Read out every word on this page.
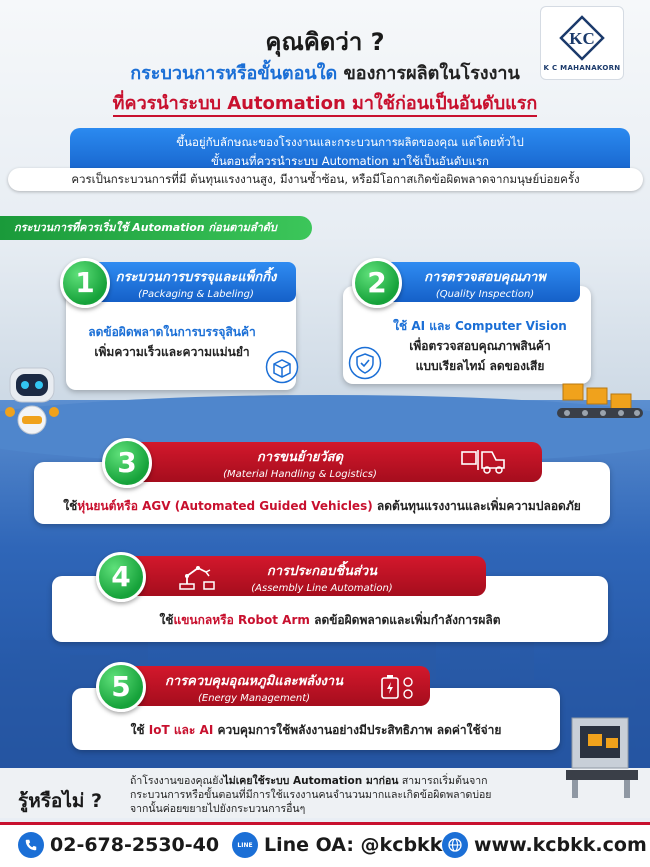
KC
K C MAHANAKORN
คุณคิดว่า ?
กระบวนการหรือขั้นตอนใด ของการผลิตในโรงงาน
ที่ควรนำระบบ Automation มาใช้ก่อนเป็นอันดับแรก
ขึ้นอยู่กับลักษณะของโรงงานและกระบวนการผลิตของคุณ แต่โดยทั่วไป
ขั้นตอนที่ควรนำระบบ Automation มาใช้เป็นอันดับแรก
ควรเป็นกระบวนการที่มี ต้นทุนแรงงานสูง, มีงานซ้ำซ้อน, หรือมีโอกาสเกิดข้อผิดพลาดจากมนุษย์บ่อยครั้ง
กระบวนการที่ควรเริ่มใช้ Automation ก่อนตามลำดับ
กระบวนการบรรจุและแพ็กกิ้ง
(Packaging & Labeling)
1
ลดข้อผิดพลาดในการบรรจุสินค้า
เพิ่มความเร็วและความแม่นยำ
การตรวจสอบคุณภาพ
(Quality Inspection)
2
ใช้ AI และ Computer Vision
เพื่อตรวจสอบคุณภาพสินค้า
แบบเรียลไทม์ ลดของเสีย
การขนย้ายวัสดุ
(Material Handling & Logistics)
3
ใช้หุ่นยนต์หรือ AGV (Automated Guided Vehicles) ลดต้นทุนแรงงานและเพิ่มความปลอดภัย
การประกอบชิ้นส่วน
(Assembly Line Automation)
4
ใช้แขนกลหรือ Robot Arm ลดข้อผิดพลาดและเพิ่มกำลังการผลิต
การควบคุมอุณหภูมิและพลังงาน
(Energy Management)
5
ใช้ IoT และ AI ควบคุมการใช้พลังงานอย่างมีประสิทธิภาพ ลดค่าใช้จ่าย
รู้หรือไม่ ?
ถ้าโรงงานของคุณยังไม่เคยใช้ระบบ Automation มาก่อน สามารถเริ่มต้นจาก
กระบวนการหรือขั้นตอนที่มีการใช้แรงงานคนจำนวนมากและเกิดข้อผิดพลาดบ่อย
จากนั้นค่อยขยายไปยังกระบวนการอื่นๆ
02-678-2530-40	LINE Line OA: @kcbkk www.kcbkk.com
